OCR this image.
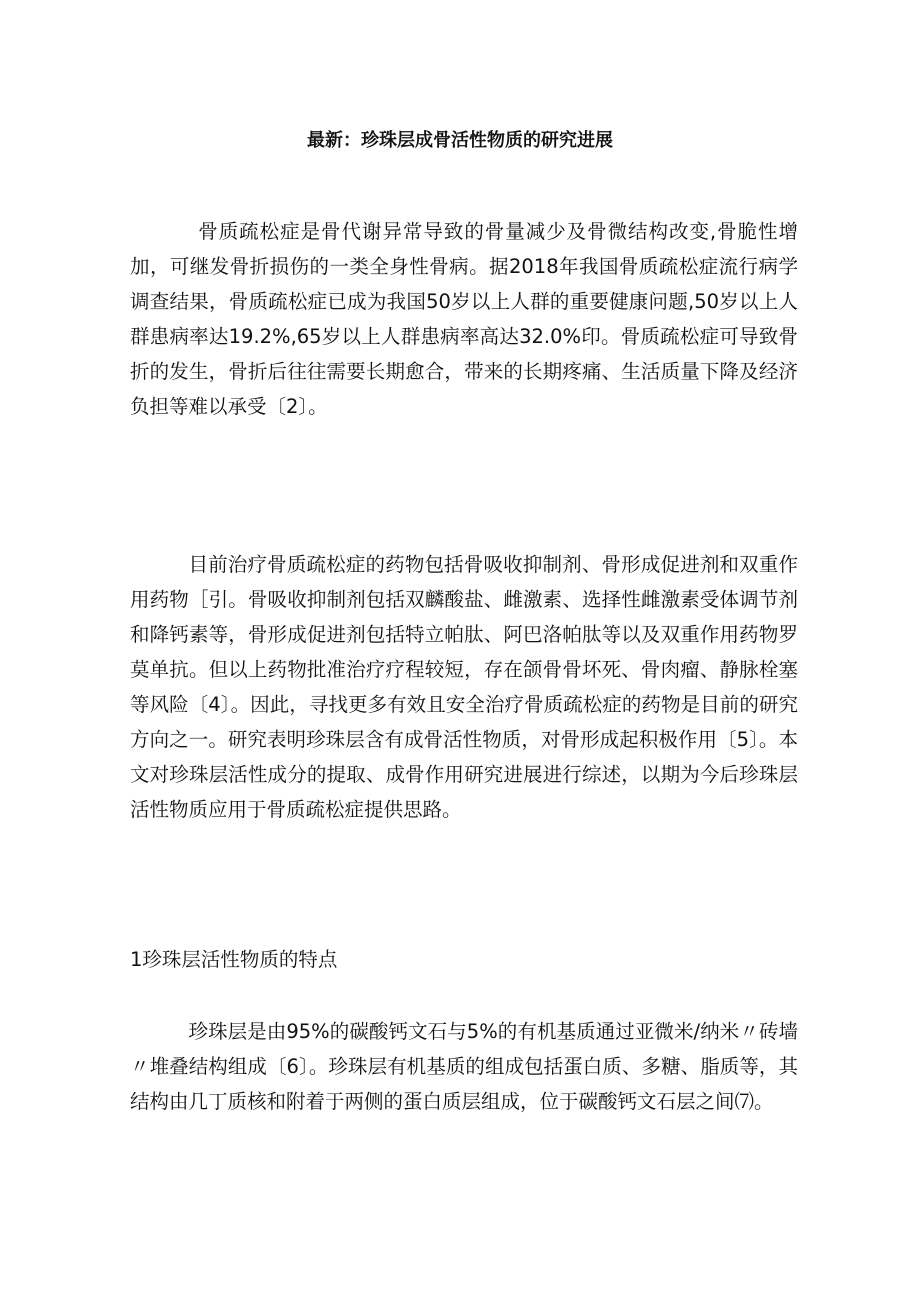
最新：珍珠层成骨活性物质的研究进展

骨质疏松症是骨代谢异常导致的骨量减少及骨微结构改变,骨脆性增加，可继发骨折损伤的一类全身性骨病。据2018年我国骨质疏松症流行病学调查结果，骨质疏松症已成为我国50岁以上人群的重要健康问题,50岁以上人群患病率达19.2%,65岁以上人群患病率高达32.0%印。骨质疏松症可导致骨折的发生，骨折后往往需要长期愈合，带来的长期疼痛、生活质量下降及经济负担等难以承受〔2〕。

目前治疗骨质疏松症的药物包括骨吸收抑制剂、骨形成促进剂和双重作用药物［引。骨吸收抑制剂包括双麟酸盐、雌激素、选择性雌激素受体调节剂和降钙素等，骨形成促进剂包括特立帕肽、阿巴洛帕肽等以及双重作用药物罗莫单抗。但以上药物批准治疗疗程较短，存在颌骨骨坏死、骨肉瘤、静脉栓塞等风险〔4〕。因此，寻找更多有效且安全治疗骨质疏松症的药物是目前的研究方向之一。研究表明珍珠层含有成骨活性物质，对骨形成起积极作用〔5〕。本文对珍珠层活性成分的提取、成骨作用研究进展进行综述，以期为今后珍珠层活性物质应用于骨质疏松症提供思路。

1珍珠层活性物质的特点

珍珠层是由95%的碳酸钙文石与5%的有机基质通过亚微米/纳米〃砖墙〃堆叠结构组成〔6〕。珍珠层有机基质的组成包括蛋白质、多糖、脂质等，其结构由几丁质核和附着于两侧的蛋白质层组成，位于碳酸钙文石层之间⑺。
